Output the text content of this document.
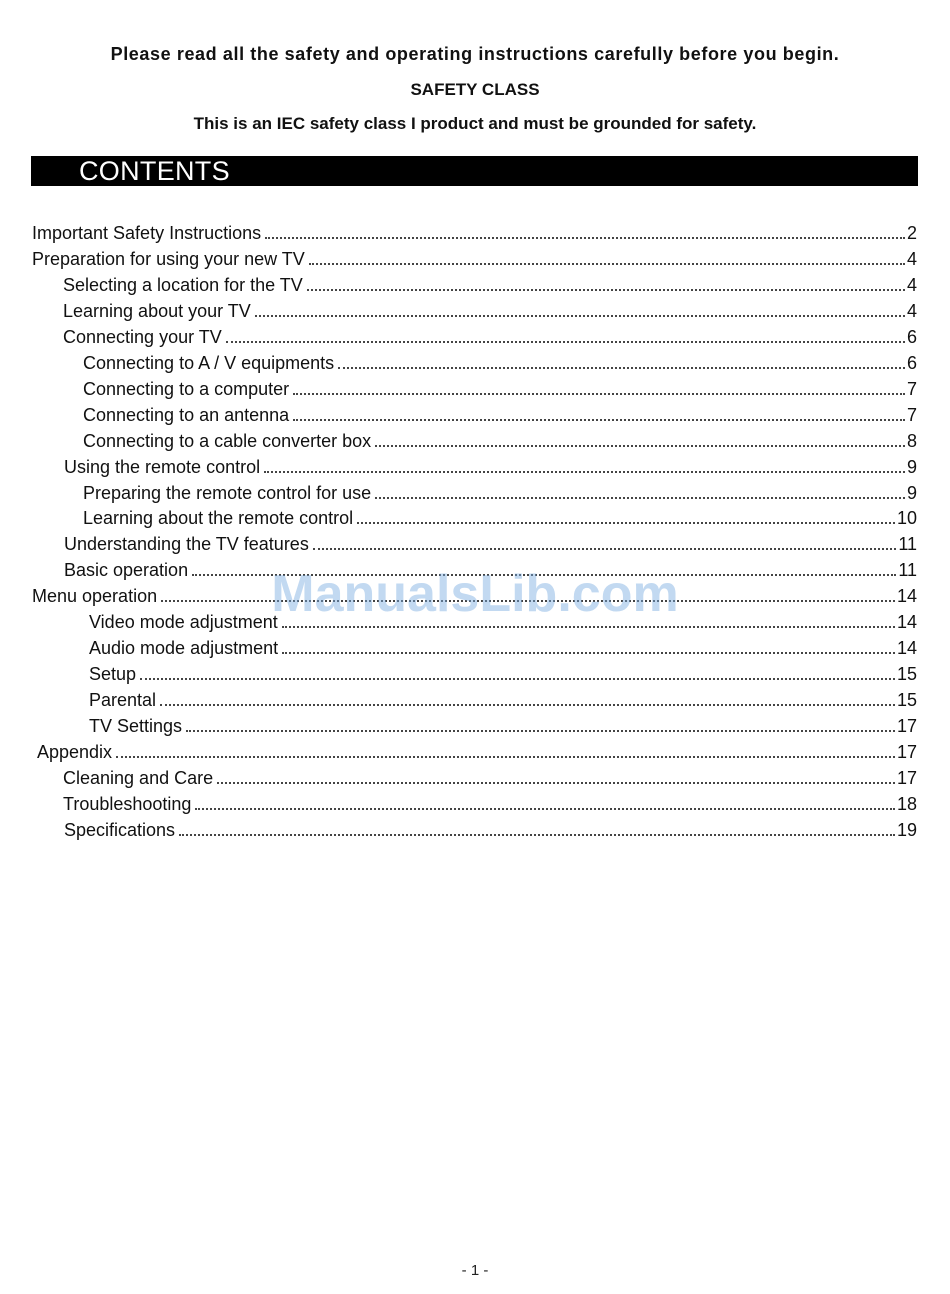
Please read all the safety and operating instructions carefully before you begin.
SAFETY CLASS
This is an IEC safety class I product and must be grounded for safety.
CONTENTS
Important Safety Instructions	2
Preparation for using your new TV	4
Selecting a location for the TV	4
Learning about your TV	4
Connecting your TV	6
Connecting to A / V equipments	6
Connecting to a computer	7
Connecting to an antenna	7
Connecting to a cable converter box	8
Using the remote control	9
Preparing the remote control for use	9
Learning about the remote control	10
Understanding the TV features	11
Basic operation	11
Menu operation	14
Video mode adjustment	14
Audio mode adjustment	14
Setup	15
Parental	15
TV Settings	17
Appendix	17
Cleaning and Care	17
Troubleshooting	18
Specifications	19
ManualsLib.com
- 1 -
